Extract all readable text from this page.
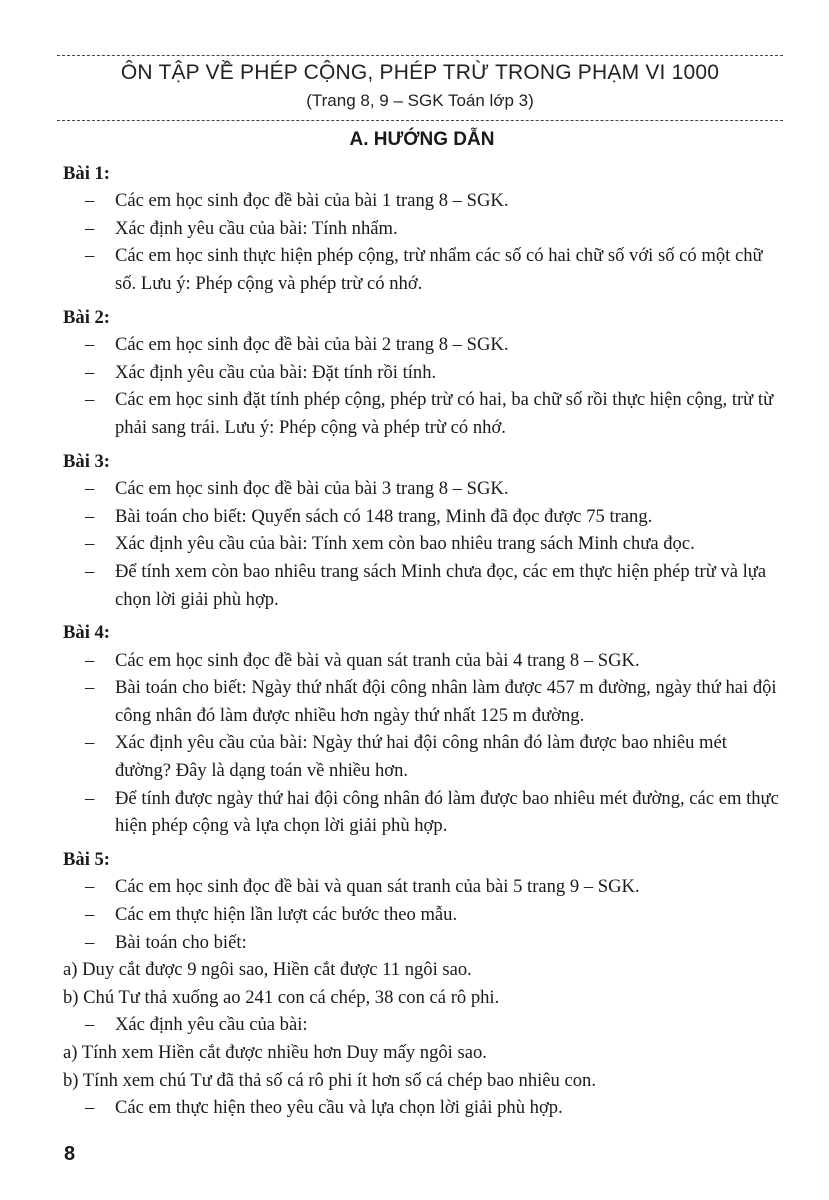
ÔN TẬP VỀ PHÉP CỘNG, PHÉP TRỪ TRONG PHẠM VI 1000
(Trang 8, 9 – SGK Toán lớp 3)
A. HƯỚNG DẪN
Bài 1:
–	Các em học sinh đọc đề bài của bài 1 trang 8 – SGK.
–	Xác định yêu cầu của bài: Tính nhẩm.
–	Các em học sinh thực hiện phép cộng, trừ nhẩm các số có hai chữ số với số có một chữ số. Lưu ý: Phép cộng và phép trừ có nhớ.
Bài 2:
–	Các em học sinh đọc đề bài của bài 2 trang 8 – SGK.
–	Xác định yêu cầu của bài: Đặt tính rồi tính.
–	Các em học sinh đặt tính phép cộng, phép trừ có hai, ba chữ số rồi thực hiện cộng, trừ từ phải sang trái. Lưu ý: Phép cộng và phép trừ có nhớ.
Bài 3:
–	Các em học sinh đọc đề bài của bài 3 trang 8 – SGK.
–	Bài toán cho biết: Quyển sách có 148 trang, Minh đã đọc được 75 trang.
–	Xác định yêu cầu của bài: Tính xem còn bao nhiêu trang sách Minh chưa đọc.
–	Để tính xem còn bao nhiêu trang sách Minh chưa đọc, các em thực hiện phép trừ và lựa chọn lời giải phù hợp.
Bài 4:
–	Các em học sinh đọc đề bài và quan sát tranh của bài 4 trang 8 – SGK.
–	Bài toán cho biết: Ngày thứ nhất đội công nhân làm được 457 m đường, ngày thứ hai đội công nhân đó làm được nhiều hơn ngày thứ nhất 125 m đường.
–	Xác định yêu cầu của bài: Ngày thứ hai đội công nhân đó làm được bao nhiêu mét đường? Đây là dạng toán về nhiều hơn.
–	Để tính được ngày thứ hai đội công nhân đó làm được bao nhiêu mét đường, các em thực hiện phép cộng và lựa chọn lời giải phù hợp.
Bài 5:
–	Các em học sinh đọc đề bài và quan sát tranh của bài 5 trang 9 – SGK.
–	Các em thực hiện lần lượt các bước theo mẫu.
–	Bài toán cho biết:
a) Duy cắt được 9 ngôi sao, Hiền cắt được 11 ngôi sao.
b) Chú Tư thả xuống ao 241 con cá chép, 38 con cá rô phi.
–	Xác định yêu cầu của bài:
a) Tính xem Hiền cắt được nhiều hơn Duy mấy ngôi sao.
b) Tính xem chú Tư đã thả số cá rô phi ít hơn số cá chép bao nhiêu con.
–	Các em thực hiện theo yêu cầu và lựa chọn lời giải phù hợp.
8
